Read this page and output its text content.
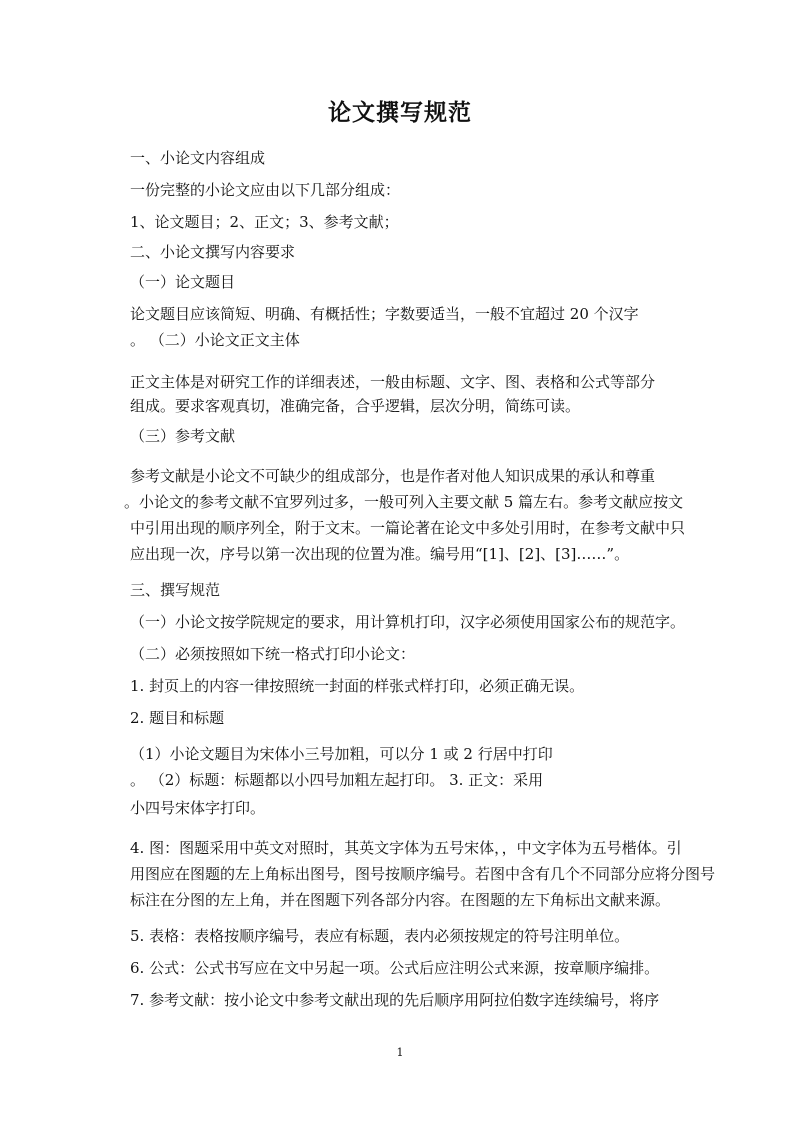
论文撰写规范
一、小论文内容组成
一份完整的小论文应由以下几部分组成：
1、论文题目；2、正文；3、参考文献；
二、小论文撰写内容要求
（一）论文题目
论文题目应该简短、明确、有概括性；字数要适当，一般不宜超过 20 个汉字
。 （二）小论文正文主体
正文主体是对研究工作的详细表述，一般由标题、文字、图、表格和公式等部分
组成。要求客观真切，准确完备，合乎逻辑，层次分明，简练可读。
（三）参考文献
参考文献是小论文不可缺少的组成部分，也是作者对他人知识成果的承认和尊重
。小论文的参考文献不宜罗列过多，一般可列入主要文献 5 篇左右。参考文献应按文
中引用出现的顺序列全，附于文末。一篇论著在论文中多处引用时，在参考文献中只
应出现一次，序号以第一次出现的位置为准。编号用“[1]、[2]、[3]……”。
三、撰写规范
（一）小论文按学院规定的要求，用计算机打印，汉字必须使用国家公布的规范字。
（二）必须按照如下统一格式打印小论文：
1. 封页上的内容一律按照统一封面的样张式样打印，必须正确无误。
2. 题目和标题
（1）小论文题目为宋体小三号加粗，可以分 1 或 2 行居中打印
。 （2）标题：标题都以小四号加粗左起打印。 3. 正文：采用
小四号宋体字打印。
4. 图：图题采用中英文对照时，其英文字体为五号宋体，，中文字体为五号楷体。引
用图应在图题的左上角标出图号，图号按顺序编号。若图中含有几个不同部分应将分图号
标注在分图的左上角，并在图题下列各部分内容。在图题的左下角标出文献来源。
5. 表格：表格按顺序编号，表应有标题，表内必须按规定的符号注明单位。
6. 公式：公式书写应在文中另起一项。公式后应注明公式来源，按章顺序编排。
7. 参考文献：按小论文中参考文献出现的先后顺序用阿拉伯数字连续编号，将序
1
